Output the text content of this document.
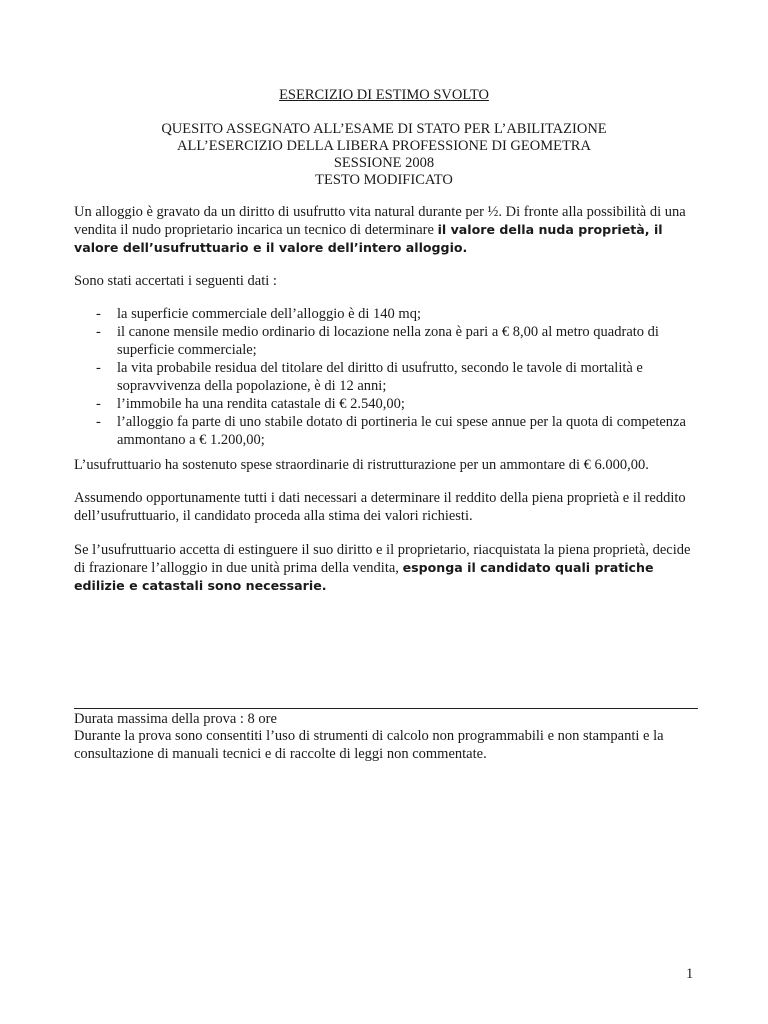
ESERCIZIO DI ESTIMO SVOLTO
QUESITO ASSEGNATO ALL’ESAME DI STATO PER L’ABILITAZIONE
ALL’ESERCIZIO DELLA LIBERA PROFESSIONE DI GEOMETRA
SESSIONE 2008
TESTO MODIFICATO
Un alloggio è gravato da un diritto di usufrutto vita natural durante per ½. Di fronte alla possibilità di una vendita il nudo proprietario incarica un tecnico di determinare il valore della nuda proprietà, il valore dell’usufruttuario e il valore dell’intero alloggio.
Sono stati accertati i seguenti dati :
- la superficie commerciale dell’alloggio è di 140 mq;
- il canone mensile medio ordinario di locazione nella zona è pari a € 8,00 al metro quadrato di superficie commerciale;
- la vita probabile residua del titolare del diritto di usufrutto, secondo le tavole di mortalità e sopravvivenza della popolazione, è di 12 anni;
- l’immobile ha una rendita catastale di € 2.540,00;
- l’alloggio fa parte di uno stabile dotato di portineria le cui spese annue per la quota di competenza ammontano a € 1.200,00;
L’usufruttuario ha sostenuto spese straordinarie di ristrutturazione per un ammontare di € 6.000,00.
Assumendo opportunamente tutti i dati necessari a determinare il reddito della piena proprietà e il reddito dell’usufruttuario, il candidato proceda alla stima dei valori richiesti.
Se l’usufruttuario accetta di estinguere il suo diritto e il proprietario, riacquistata la piena proprietà, decide di frazionare l’alloggio in due unità prima della vendita, esponga il candidato quali pratiche edilizie e catastali sono necessarie.
Durata massima della prova : 8 ore
Durante la prova sono consentiti l’uso di strumenti di calcolo non programmabili e non stampanti e la consultazione di manuali tecnici e di raccolte di leggi non commentate.
1
